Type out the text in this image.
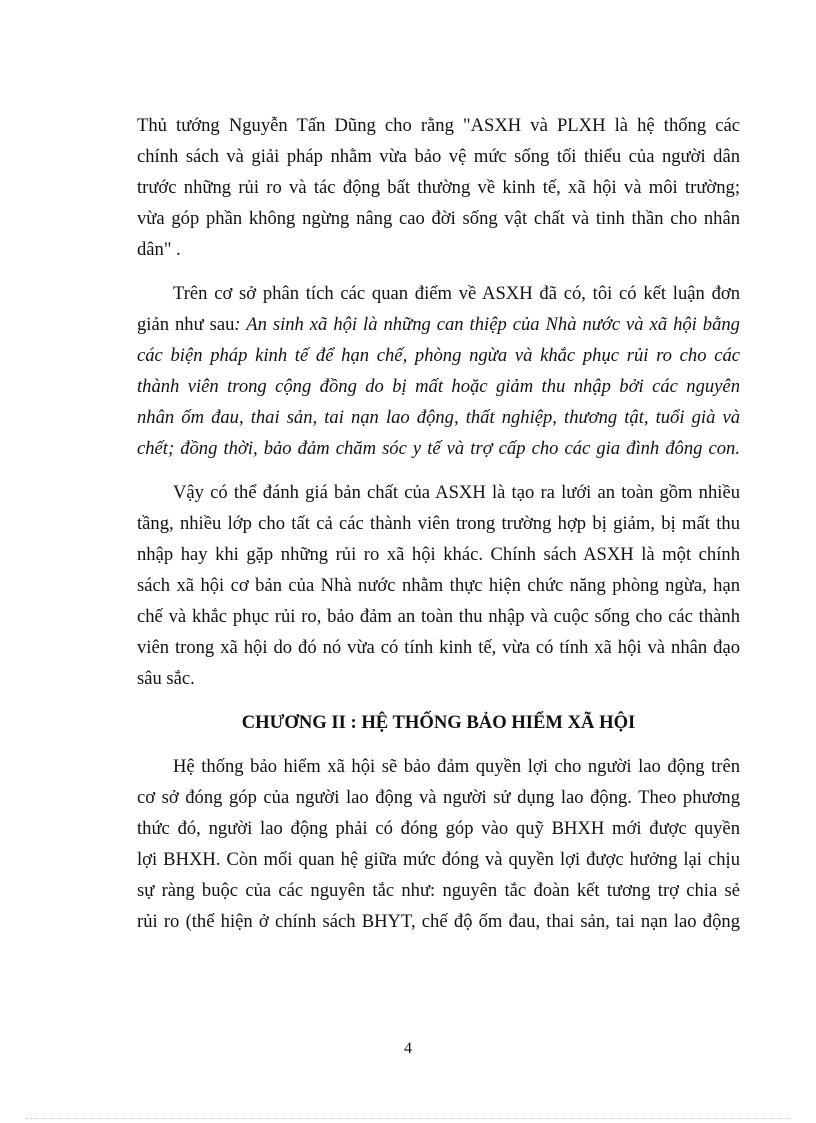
Thủ tướng Nguyễn Tấn Dũng cho rằng "ASXH và PLXH là hệ thống các
chính sách và giải pháp nhằm vừa bảo vệ mức sống tối thiểu của người dân
trước những rủi ro và tác động bất thường về kinh tế, xã hội và môi trường;
vừa góp phần không ngừng nâng cao đời sống vật chất và tinh thần cho nhân
dân" .
Trên cơ sở phân tích các quan điểm về ASXH đã có, tôi có kết luận đơn
giản như sau: An sinh xã hội là những can thiệp của Nhà nước và xã hội bằng
các biện pháp kinh tế để hạn chế, phòng ngừa và khắc phục rủi ro cho các
thành viên trong cộng đồng do bị mất hoặc giảm thu nhập bởi các nguyên
nhân ốm đau, thai sản, tai nạn lao động, thất nghiệp, thương tật, tuổi già và
chết; đồng thời, bảo đảm chăm sóc y tế và trợ cấp cho các gia đình đông con.
Vậy có thể đánh giá bản chất của ASXH là tạo ra lưới an toàn gồm nhiều
tầng, nhiều lớp cho tất cả các thành viên trong trường hợp bị giảm, bị mất thu
nhập hay khi gặp những rủi ro xã hội khác. Chính sách ASXH là một chính
sách xã hội cơ bản của Nhà nước nhằm thực hiện chức năng phòng ngừa, hạn
chế và khắc phục rủi ro, bảo đảm an toàn thu nhập và cuộc sống cho các thành
viên trong xã hội do đó nó vừa có tính kinh tế, vừa có tính xã hội và nhân đạo
sâu sắc.
CHƯƠNG II : HỆ THỐNG BẢO HIỂM XÃ HỘI
Hệ thống bảo hiểm xã hội sẽ bảo đảm quyền lợi cho người lao động trên
cơ sở đóng góp của người lao động và người sử dụng lao động. Theo phương
thức đó, người lao động phải có đóng góp vào quỹ BHXH mới được quyền
lợi BHXH. Còn mối quan hệ giữa mức đóng và quyền lợi được hưởng lại chịu
sự ràng buộc của các nguyên tắc như: nguyên tắc đoàn kết tương trợ chia sẻ
rủi ro (thể hiện ở chính sách BHYT, chế độ ốm đau, thai sản, tai nạn lao động
4
